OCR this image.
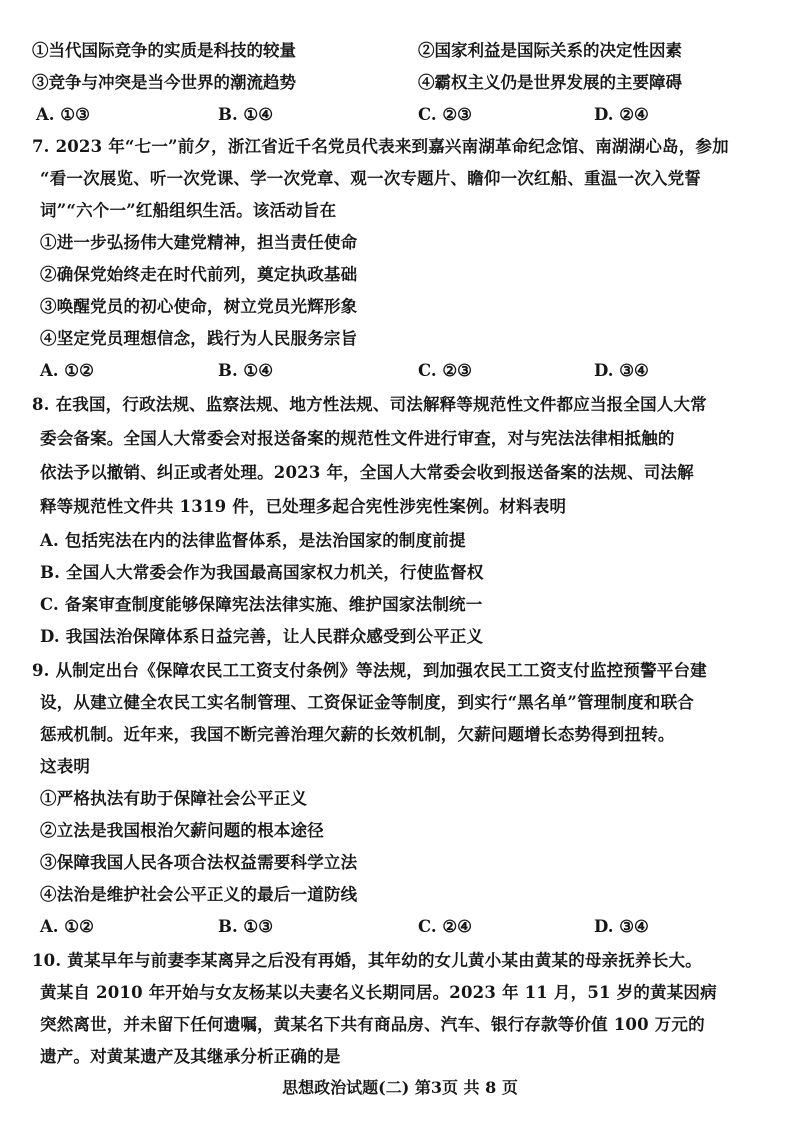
①当代国际竞争的实质是科技的较量	②国家利益是国际关系的决定性因素
③竞争与冲突是当今世界的潮流趋势	④霸权主义仍是世界发展的主要障碍
A. ①③	B. ①④	C. ②③	D. ②④
7. 2023 年“七一”前夕，浙江省近千名党员代表来到嘉兴南湖革命纪念馆、南湖湖心岛，参加
“看一次展览、听一次党课、学一次党章、观一次专题片、瞻仰一次红船、重温一次入党誓
词”“六个一”红船组织生活。该活动旨在
①进一步弘扬伟大建党精神，担当责任使命
②确保党始终走在时代前列，奠定执政基础
③唤醒党员的初心使命，树立党员光辉形象
④坚定党员理想信念，践行为人民服务宗旨
A. ①②	B. ①④	C. ②③	D. ③④
8. 在我国，行政法规、监察法规、地方性法规、司法解释等规范性文件都应当报全国人大常
委会备案。全国人大常委会对报送备案的规范性文件进行审查，对与宪法法律相抵触的
依法予以撤销、纠正或者处理。2023 年，全国人大常委会收到报送备案的法规、司法解
释等规范性文件共 1319 件，已处理多起合宪性涉宪性案例。材料表明
A. 包括宪法在内的法律监督体系，是法治国家的制度前提
B. 全国人大常委会作为我国最高国家权力机关，行使监督权
C. 备案审查制度能够保障宪法法律实施、维护国家法制统一
D. 我国法治保障体系日益完善，让人民群众感受到公平正义
9. 从制定出台《保障农民工工资支付条例》等法规，到加强农民工工资支付监控预警平台建
设，从建立健全农民工实名制管理、工资保证金等制度，到实行“黑名单”管理制度和联合
惩戒机制。近年来，我国不断完善治理欠薪的长效机制，欠薪问题增长态势得到扭转。
这表明
①严格执法有助于保障社会公平正义
②立法是我国根治欠薪问题的根本途径
③保障我国人民各项合法权益需要科学立法
④法治是维护社会公平正义的最后一道防线
A. ①②	B. ①③	C. ②④	D. ③④
10. 黄某早年与前妻李某离异之后没有再婚，其年幼的女儿黄小某由黄某的母亲抚养长大。
黄某自 2010 年开始与女友杨某以夫妻名义长期同居。2023 年 11 月，51 岁的黄某因病
突然离世，并未留下任何遗嘱，黄某名下共有商品房、汽车、银行存款等价值 100 万元的
遗产。对黄某遗产及其继承分析正确的是
思想政治试题(二) 第3页 共 8 页
